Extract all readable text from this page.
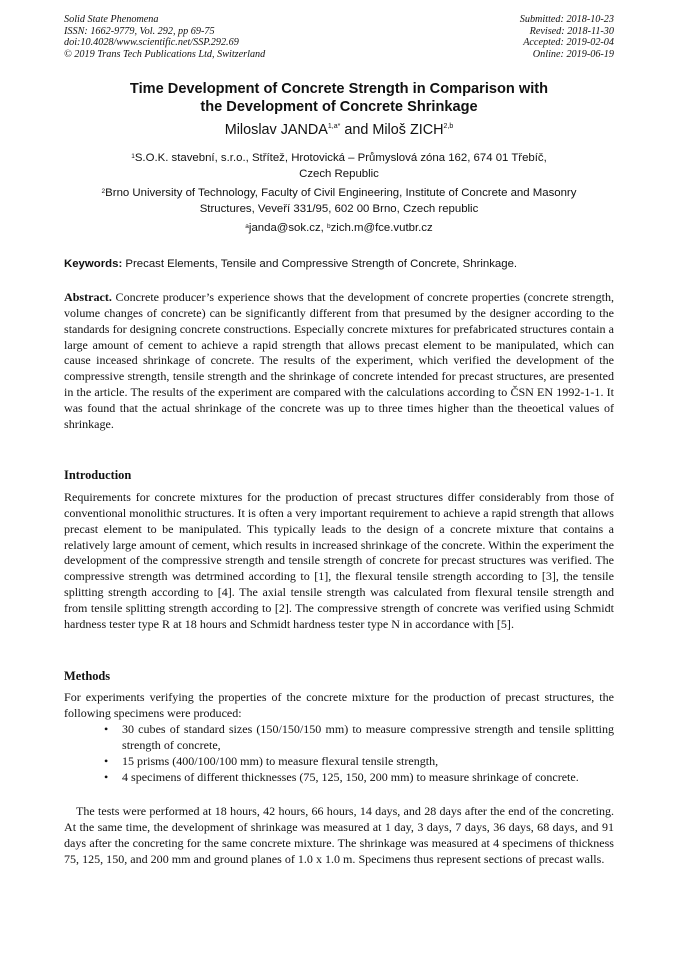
Solid State Phenomena
ISSN: 1662-9779, Vol. 292, pp 69-75
doi:10.4028/www.scientific.net/SSP.292.69
© 2019 Trans Tech Publications Ltd, Switzerland
Submitted: 2018-10-23
Revised: 2018-11-30
Accepted: 2019-02-04
Online: 2019-06-19
Time Development of Concrete Strength in Comparison with
the Development of Concrete Shrinkage
Miloslav $JANDA^{1,a*}$ and Miloš ZICH$^{2,b}$
$^1$S.O.K. stavební, s.r.o., Střítež, Hrotovická – Průmyslová zóna 162, 674 01 Třebíč,
Czech Republic
$^2$Brno University of Technology, Faculty of Civil Engineering, Institute of Concrete and Masonry
Structures, Veveří 331/95, 602 00 Brno, Czech republic
$^a$janda@sok.cz, $^b$zich.m@fce.vutbr.cz
Keywords: Precast Elements, Tensile and Compressive Strength of Concrete, Shrinkage.
Abstract. Concrete producer’s experience shows that the development of concrete properties (concrete strength, volume changes of concrete) can be significantly different from that presumed by the designer according to the standards for designing concrete constructions. Especially concrete mixtures for prefabricated structures contain a large amount of cement to achieve a rapid strength that allows precast element to be manipulated, which can cause inceased shrinkage of concrete. The results of the experiment, which verified the development of the compressive strength, tensile strength and the shrinkage of concrete intended for precast structures, are presented in the article. The results of the experiment are compared with the calculations according to ČSN EN 1992-1-1. It was found that the actual shrinkage of the concrete was up to three times higher than the theoetical values of shrinkage.
Introduction
Requirements for concrete mixtures for the production of precast structures differ considerably from those of conventional monolithic structures. It is often a very important requirement to achieve a rapid strength that allows precast element to be manipulated. This typically leads to the design of a concrete mixture that contains a relatively large amount of cement, which results in increased shrinkage of the concrete. Within the experiment the development of the compressive strength and tensile strength of concrete for precast structures was verified. The compressive strength was detrmined according to [1], the flexural tensile strength according to [3], the tensile splitting strength according to [4]. The axial tensile strength was calculated from flexural tensile strength and from tensile splitting strength according to [2]. The compressive strength of concrete was verified using Schmidt hardness tester type R at 18 hours and Schmidt hardness tester type N in accordance with [5].
Methods
For experiments verifying the properties of the concrete mixture for the production of precast structures, the following specimens were produced:
• 30 cubes of standard sizes (150/150/150 mm) to measure compressive strength and tensile splitting strength of concrete,
• 15 prisms (400/100/100 mm) to measure flexural tensile strength,
• 4 specimens of different thicknesses (75, 125, 150, 200 mm) to measure shrinkage of concrete.
The tests were performed at 18 hours, 42 hours, 66 hours, 14 days, and 28 days after the end of the concreting. At the same time, the development of shrinkage was measured at 1 day, 3 days, 7 days, 36 days, 68 days, and 91 days after the concreting for the same concrete mixture. The shrinkage was measured at 4 specimens of thickness 75, 125, 150, and 200 mm and ground planes of 1.0 x 1.0 m. Specimens thus represent sections of precast walls.
